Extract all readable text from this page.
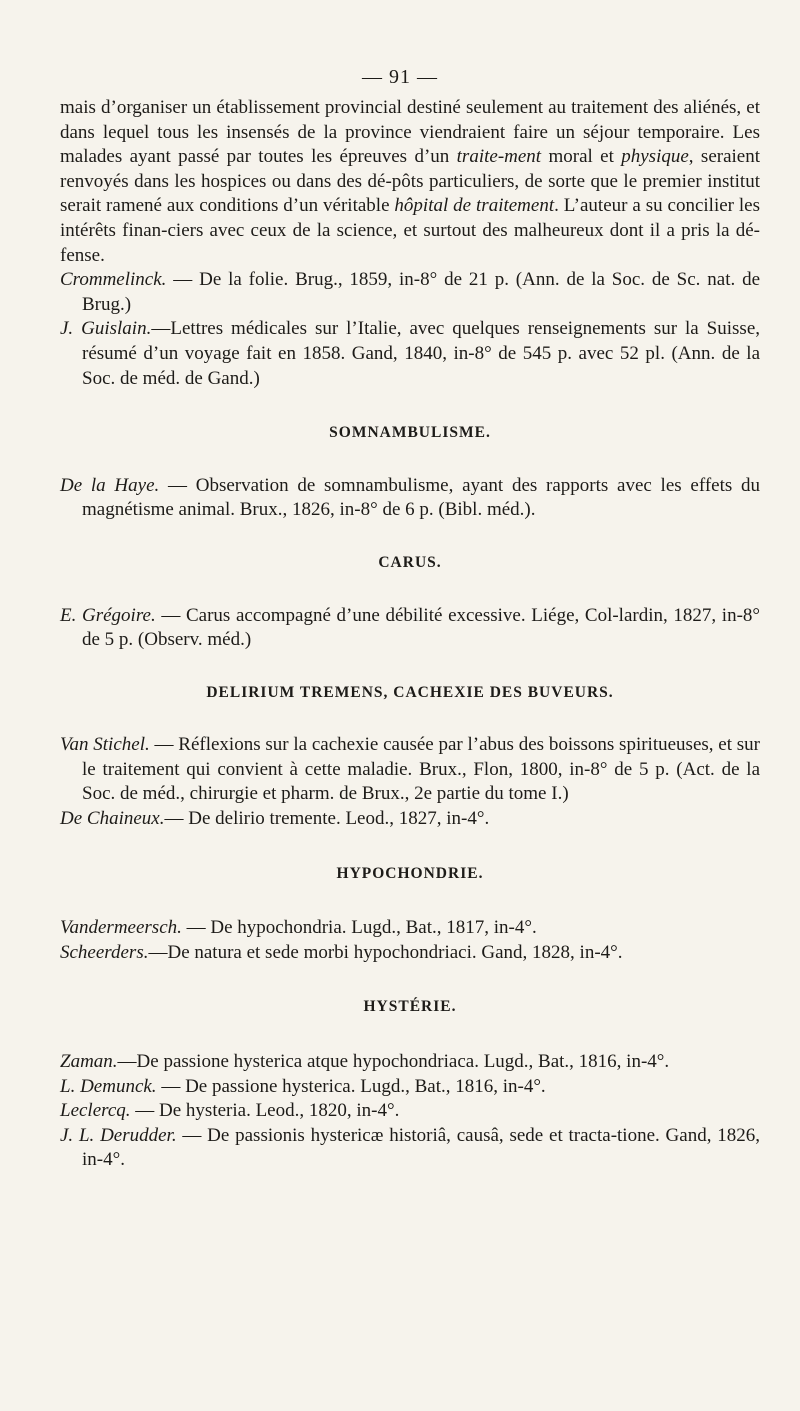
— 91 —

mais d’organiser un établissement provincial destiné seulement au traitement des aliénés, et dans lequel tous les insensés de la province viendraient faire un séjour temporaire. Les malades ayant passé par toutes les épreuves d’un traite-ment moral et physique, seraient renvoyés dans les hospices ou dans des dé-pôts particuliers, de sorte que le premier institut serait ramené aux conditions d’un véritable hôpital de traitement. L’auteur a su concilier les intérêts finan-ciers avec ceux de la science, et surtout des malheureux dont il a pris la dé-fense.

Crommelinck. — De la folie. Brug., 1859, in-8° de 21 p. (Ann. de la Soc. de Sc. nat. de Brug.)

J. Guislain.—Lettres médicales sur l’Italie, avec quelques renseignements sur la Suisse, résumé d’un voyage fait en 1858. Gand, 1840, in-8° de 545 p. avec 52 pl. (Ann. de la Soc. de méd. de Gand.)

SOMNAMBULISME.

De la Haye. — Observation de somnambulisme, ayant des rapports avec les effets du magnétisme animal. Brux., 1826, in-8° de 6 p. (Bibl. méd.).

CARUS.

E. Grégoire. — Carus accompagné d’une débilité excessive. Liége, Col-lardin, 1827, in-8° de 5 p. (Observ. méd.)

DELIRIUM TREMENS, CACHEXIE DES BUVEURS.

Van Stichel. — Réflexions sur la cachexie causée par l’abus des boissons spiritueuses, et sur le traitement qui convient à cette maladie. Brux., Flon, 1800, in-8° de 5 p. (Act. de la Soc. de méd., chirurgie et pharm. de Brux., 2e partie du tome I.)

De Chaineux.— De delirio tremente. Leod., 1827, in-4°.

HYPOCHONDRIE.

Vandermeersch. — De hypochondria. Lugd., Bat., 1817, in-4°.

Scheerders.—De natura et sede morbi hypochondriaci. Gand, 1828, in-4°.

HYSTÉRIE.

Zaman.—De passione hysterica atque hypochondriaca. Lugd., Bat., 1816, in-4°.

L. Demunck. — De passione hysterica. Lugd., Bat., 1816, in-4°.

Leclercq. — De hysteria. Leod., 1820, in-4°.

J. L. Derudder. — De passionis hystericæ historiâ, causâ, sede et tracta-tione. Gand, 1826, in-4°.
